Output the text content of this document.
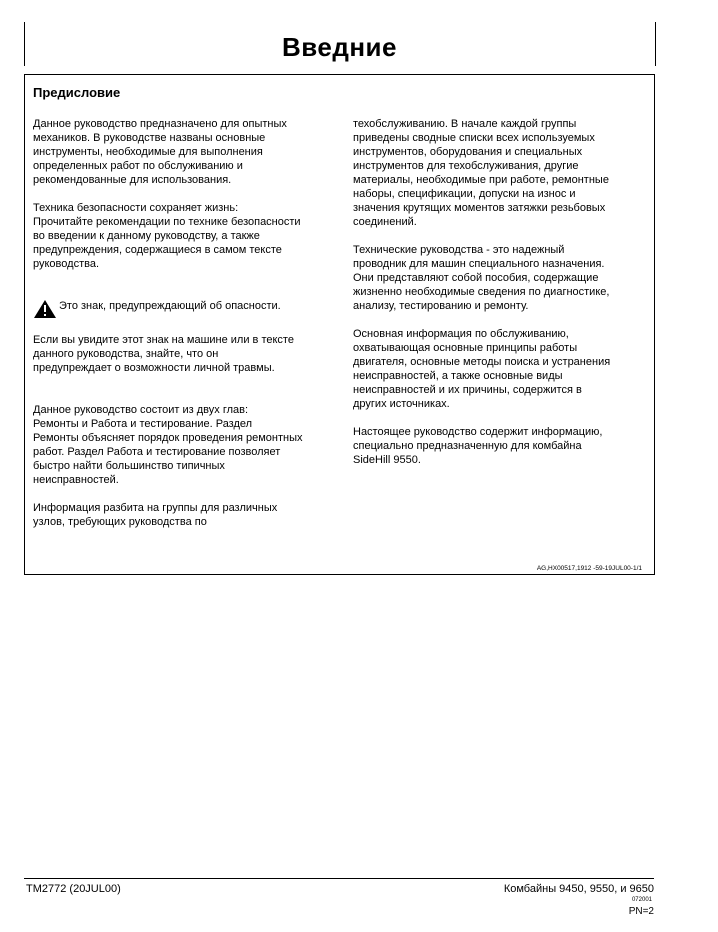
Введние
Предисловие

Данное руководство предназначено для опытных
механиков. В руководстве названы основные
инструменты, необходимые для выполнения
определенных работ по обслуживанию и
рекомендованные для использования.

Техника безопасности сохраняет жизнь:
Прочитайте рекомендации по технике безопасности
во введении к данному руководству, а также
предупреждения, содержащиеся в самом тексте
руководства.

Это знак, предупреждающий об опасности.

Если вы увидите этот знак на машине или в тексте
данного руководства, знайте, что он
предупреждает о возможности личной травмы.

Данное руководство состоит из двух глав:
Ремонты и Работа и тестирование. Раздел
Ремонты объясняет порядок проведения ремонтных
работ. Раздел Работа и тестирование позволяет
быстро найти большинство типичных
неисправностей.

Информация разбита на группы для различных
узлов, требующих руководства по

техобслуживанию. В начале каждой группы
приведены сводные списки всех используемых
инструментов, оборудования и специальных
инструментов для техобслуживания, другие
материалы, необходимые при работе, ремонтные
наборы, спецификации, допуски на износ и
значения крутящих моментов затяжки резьбовых
соединений.

Технические руководства - это надежный
проводник для машин специального назначения.
Они представляют собой пособия, содержащие
жизненно необходимые сведения по диагностике,
анализу, тестированию и ремонту.

Основная информация по обслуживанию,
охватывающая основные принципы работы
двигателя, основные методы поиска и устранения
неисправностей, а также основные виды
неисправностей и их причины, содержится в
других источниках.

Настоящее руководство содержит информацию,
специально предназначенную для комбайна
SideHill 9550.

AG,HX00517,1912 -59-19JUL00-1/1
TM2772 (20JUL00)	Комбайны 9450, 9550, и 9650
072001
PN=2
